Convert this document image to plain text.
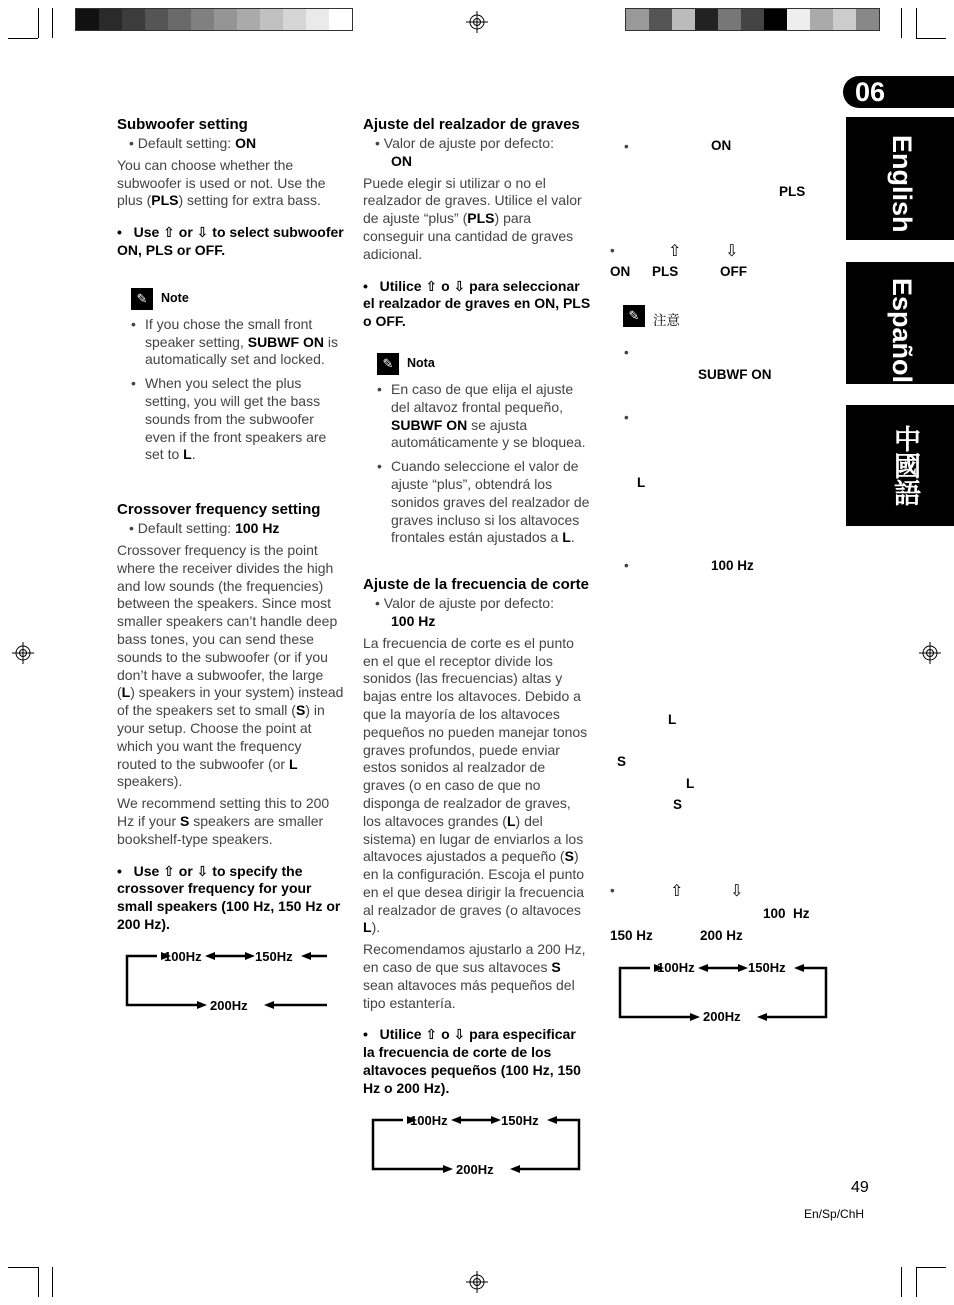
06
English
Español
中國語
Subwoofer setting
• Default setting: ON

You can choose whether the subwoofer is used or not. Use the plus (PLS) setting for extra bass.

•   Use ⇧ or ⇩ to select subwoofer ON, PLS or OFF.

✎	Note
• If you chose the small front speaker setting, SUBWF ON is automatically set and locked.
• When you select the plus setting, you will get the bass sounds from the subwoofer even if the front speakers are set to L.
Crossover frequency setting
• Default setting: 100 Hz

Crossover frequency is the point where the receiver divides the high and low sounds (the frequencies) between the speakers. Since most smaller speakers can’t handle deep bass tones, you can send these sounds to the subwoofer (or if you don’t have a subwoofer, the large (L) speakers in your system) instead of the speakers set to small (S) in your setup. Choose the point at which you want the frequency routed to the subwoofer (or L speakers).

We recommend setting this to 200 Hz if your S speakers are smaller bookshelf-type speakers.

•   Use ⇧ or ⇩ to specify the crossover frequency for your small speakers (100 Hz, 150 Hz or 200 Hz).

100Hz	150Hz
200Hz
Ajuste del realzador de graves
• Valor de ajuste por defecto:
ON

Puede elegir si utilizar o no el realzador de graves. Utilice el valor de ajuste “plus” (PLS) para conseguir una cantidad de graves adicional.

•   Utilice ⇧ o ⇩ para seleccionar el realzador de graves en ON, PLS o OFF.

✎	Nota
• En caso de que elija el ajuste del altavoz frontal pequeño, SUBWF ON se ajusta automáticamente y se bloquea.
• Cuando seleccione el valor de ajuste “plus”, obtendrá los sonidos graves del realzador de graves incluso si los altavoces frontales están ajustados a L.
Ajuste de la frecuencia de corte
• Valor de ajuste por defecto:
100 Hz

La frecuencia de corte es el punto en el que el receptor divide los sonidos (las frecuencias) altas y bajas entre los altavoces. Debido a que la mayoría de los altavoces pequeños no pueden manejar tonos graves profundos, puede enviar estos sonidos al realzador de graves (o en caso de que no disponga de realzador de graves, los altavoces grandes (L) del sistema) en lugar de enviarlos a los altavoces ajustados a pequeño (S) en la configuración. Escoja el punto en el que desea dirigir la frecuencia al realzador de graves (o altavoces L).

Recomendamos ajustarlo a 200 Hz, en caso de que sus altavoces S sean altavoces más pequeños del tipo estantería.

•   Utilice ⇧ o ⇩ para especificar la frecuencia de corte de los altavoces pequeños (100 Hz, 150 Hz o 200 Hz).

100Hz	150Hz
200Hz
•	ON
PLS
•	⇧	⇩
ON PLS	OFF
✎	注意
•
SUBWF ON
•
L
•	100 Hz
L
S
L
S
•	⇧	⇩
100  Hz
150 Hz	200 Hz
100Hz	150Hz
200Hz
49
En/Sp/ChH
